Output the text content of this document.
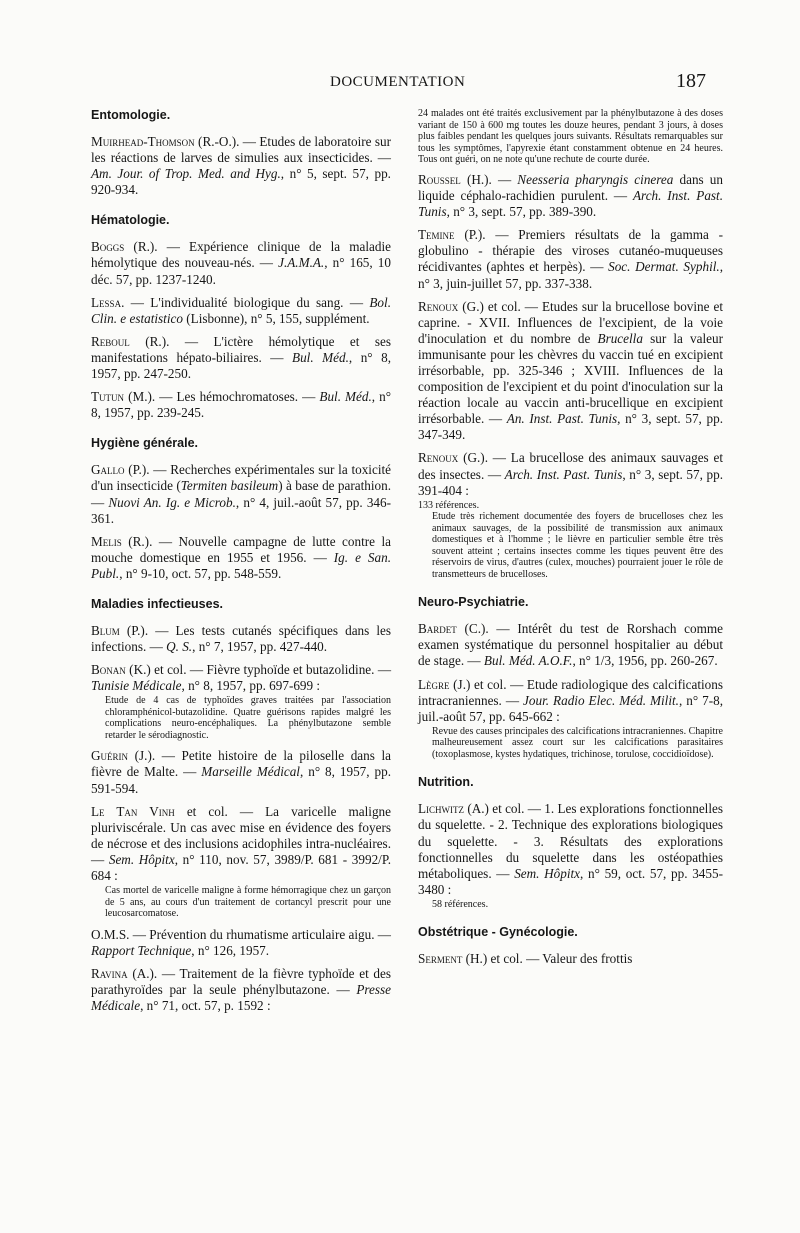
DOCUMENTATION	187
Entomologie.

Muirhead-Thomson (R.-O.). — Etudes de laboratoire sur les réactions de larves de simulies aux insecticides. — Am. Jour. of Trop. Med. and Hyg., n° 5, sept. 57, pp. 920-934.

Hématologie.

Boggs (R.). — Expérience clinique de la maladie hémolytique des nouveau-nés. — J.A.M.A., n° 165, 10 déc. 57, pp. 1237-1240.

Lessa. — L'individualité biologique du sang. — Bol. Clin. e estatistico (Lisbonne), n° 5, 155, supplément.

Reboul (R.). — L'ictère hémolytique et ses manifestations hépato-biliaires. — Bul. Méd., n° 8, 1957, pp. 247-250.

Tutun (M.). — Les hémochromatoses. — Bul. Méd., n° 8, 1957, pp. 239-245.

Hygiène générale.

Gallo (P.). — Recherches expérimentales sur la toxicité d'un insecticide (Termiten basileum) à base de parathion. — Nuovi An. Ig. e Microb., n° 4, juil.-août 57, pp. 346-361.

Melis (R.). — Nouvelle campagne de lutte contre la mouche domestique en 1955 et 1956. — Ig. e San. Publ., n° 9-10, oct. 57, pp. 548-559.

Maladies infectieuses.

Blum (P.). — Les tests cutanés spécifiques dans les infections. — Q. S., n° 7, 1957, pp. 427-440.

Bonan (K.) et col. — Fièvre typhoïde et butazolidine. — Tunisie Médicale, n° 8, 1957, pp. 697-699 :

Etude de 4 cas de typhoïdes graves traitées par l'association chloramphénicol-butazolidine. Quatre guérisons rapides malgré les complications neuro-encéphaliques. La phénylbutazone semble retarder le sérodiagnostic.

Guérin (J.). — Petite histoire de la piloselle dans la fièvre de Malte. — Marseille Médical, n° 8, 1957, pp. 591-594.

Le Tan Vinh et col. — La varicelle maligne pluriviscérale. Un cas avec mise en évidence des foyers de nécrose et des inclusions acidophiles intra-nucléaires. — Sem. Hôpitx, n° 110, nov. 57, 3989/P. 681 - 3992/P. 684 :

Cas mortel de varicelle maligne à forme hémorragique chez un garçon de 5 ans, au cours d'un traitement de cortancyl prescrit pour une leucosarcomatose.

O.M.S. — Prévention du rhumatisme articulaire aigu. — Rapport Technique, n° 126, 1957.

Ravina (A.). — Traitement de la fièvre typhoïde et des parathyroïdes par la seule phénylbutazone. — Presse Médicale, n° 71, oct. 57, p. 1592 :

24 malades ont été traités exclusivement par la phénylbutazone à des doses variant de 150 à 600 mg toutes les douze heures, pendant 3 jours, à doses plus faibles pendant les quelques jours suivants. Résultats remarquables sur tous les symptômes, l'apyrexie étant constamment obtenue en 24 heures. Tous ont guéri, on ne note qu'une rechute de courte durée.

Roussel (H.). — Neesseria pharyngis cinerea dans un liquide céphalo-rachidien purulent. — Arch. Inst. Past. Tunis, n° 3, sept. 57, pp. 389-390.

Temine (P.). — Premiers résultats de la gamma - globulino - thérapie des viroses cutanéo-muqueuses récidivantes (aphtes et herpès). — Soc. Dermat. Syphil., n° 3, juin-juillet 57, pp. 337-338.

Renoux (G.) et col. — Etudes sur la brucellose bovine et caprine. - XVII. Influences de l'excipient, de la voie d'inoculation et du nombre de Brucella sur la valeur immunisante pour les chèvres du vaccin tué en excipient irrésorbable, pp. 325-346 ; XVIII. Influences de la composition de l'excipient et du point d'inoculation sur la réaction locale au vaccin anti-brucellique en excipient irrésorbable. — An. Inst. Past. Tunis, n° 3, sept. 57, pp. 347-349.

Renoux (G.). — La brucellose des animaux sauvages et des insectes. — Arch. Inst. Past. Tunis, n° 3, sept. 57, pp. 391-404 :

133 références.
Etude très richement documentée des foyers de brucelloses chez les animaux sauvages, de la possibilité de transmission aux animaux domestiques et à l'homme ; le lièvre en particulier semble être très souvent atteint ; certains insectes comme les tiques peuvent être des réservoirs de virus, d'autres (culex, mouches) pourraient jouer le rôle de transmetteurs de brucelloses.
Neuro-Psychiatrie.

Bardet (C.). — Intérêt du test de Rorshach comme examen systématique du personnel hospitalier au début de stage. — Bul. Méd. A.O.F., n° 1/3, 1956, pp. 260-267.

Lègre (J.) et col. — Etude radiologique des calcifications intracraniennes. — Jour. Radio Elec. Méd. Milit., n° 7-8, juil.-août 57, pp. 645-662 :

Revue des causes principales des calcifications intracraniennes. Chapitre malheureusement assez court sur les calcifications parasitaires (toxoplasmose, kystes hydatiques, trichinose, torulose, coccidioïdose).
Nutrition.

Lichwitz (A.) et col. — 1. Les explorations fonctionnelles du squelette. - 2. Technique des explorations biologiques du squelette. - 3. Résultats des explorations fonctionnelles du squelette dans les ostéopathies métaboliques. — Sem. Hôpitx, n° 59, oct. 57, pp. 3455-3480 :

58 références.
Obstétrique - Gynécologie.

Serment (H.) et col. — Valeur des frottis
